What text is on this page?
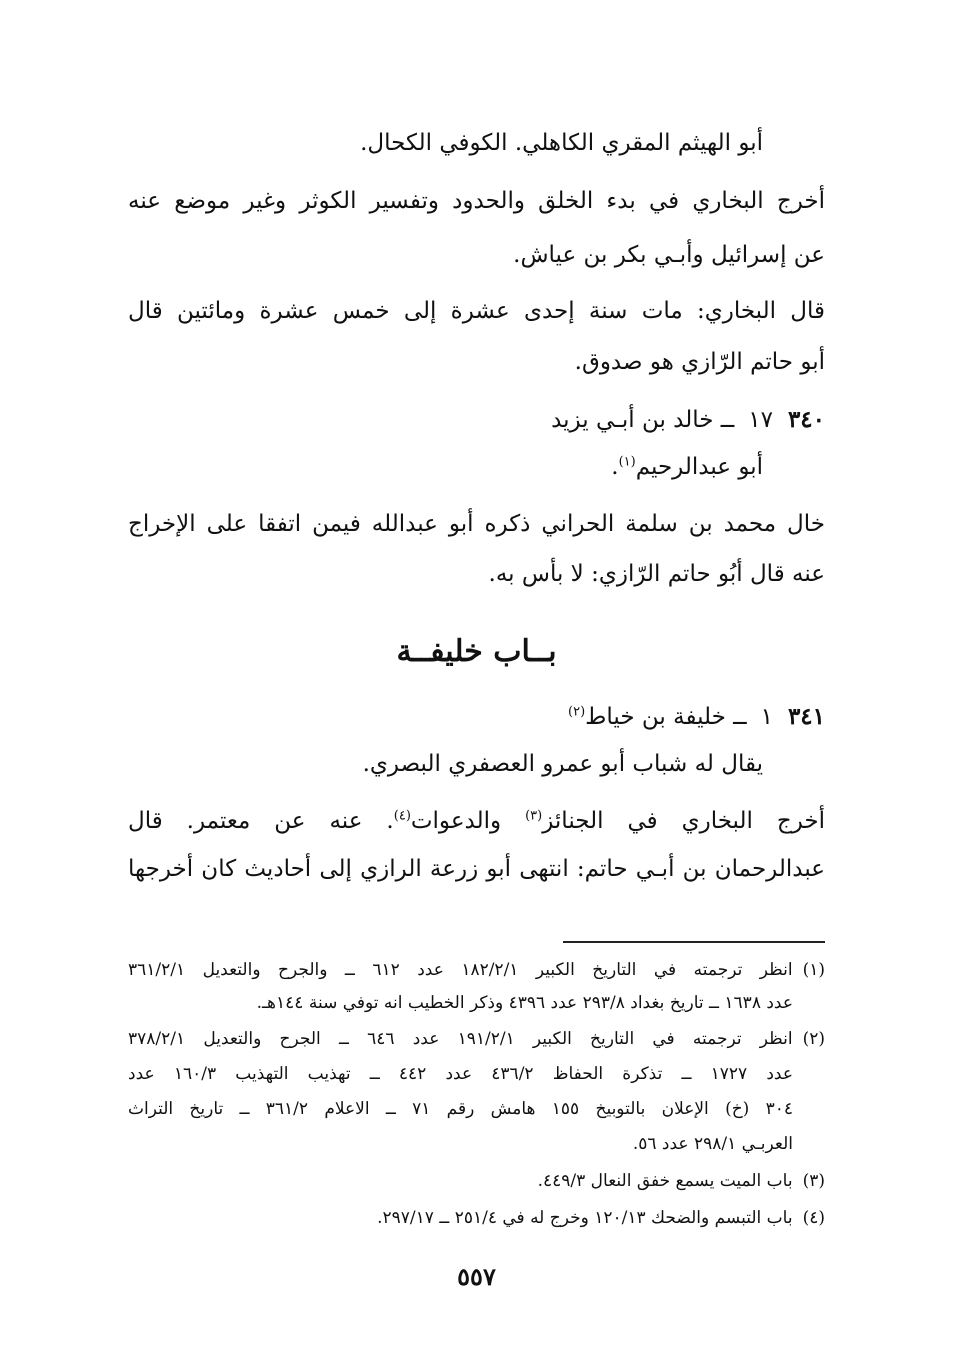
أبو الهيثم المقري الكاهلي. الكوفي الكحال.
أخرج البخاري في بدء الخلق والحدود وتفسير الكوثر وغير موضع عنه
عن إسرائيل وأبـي بكر بن عياش.
قال البخاري: مات سنة إحدى عشرة إلى خمس عشرة ومائتين قال
أبو حاتم الرّازي هو صدوق.
٣٤٠١٧ــ خالد بن أبـي يزيد
أبو عبدالرحيم$^{(١)}$.
خال محمد بن سلمة الحراني ذكره أبو عبدالله فيمن اتفقا على الإخراج
عنه قال أبُو حاتم الرّازي: لا بأس به.
بــاب خليفــة
٣٤١١ــ خليفة بن خياط$^{(٢)}$
يقال له شباب أبو عمرو العصفري البصري.
أخرج البخاري في الجنائز$^{(٣)}$ والدعوات$^{(٤)}$. عنه عن معتمر. قال
عبدالرحمان بن أبـي حاتم: انتهى أبو زرعة الرازي إلى أحاديث كان أخرجها
(١)انظر ترجمته في التاريخ الكبير ١٨٢/٢/١ عدد ٦١٢ ــ والجرح والتعديل ٣٦١/٢/١
عدد ١٦٣٨ ــ تاريخ بغداد ٢٩٣/٨ عدد ٤٣٩٦ وذكر الخطيب انه توفي سنة ١٤٤هـ.
(٢)انظر ترجمته في التاريخ الكبير ١٩١/٢/١ عدد ٦٤٦ ــ الجرح والتعديل ٣٧٨/٢/١
عدد ١٧٢٧ ــ تذكرة الحفاظ ٤٣٦/٢ عدد ٤٤٢ ــ تهذيب التهذيب ١٦٠/٣ عدد
٣٠٤ (خ) الإعلان بالتوبيخ ١٥٥ هامش رقم ٧١ ــ الاعلام ٣٦١/٢ ــ تاريخ التراث
العربـي ٢٩٨/١ عدد ٥٦.
(٣)باب الميت يسمع خفق النعال ٤٤٩/٣.
(٤)باب التبسم والضحك ١٢٠/١٣ وخرج له في ٢٥١/٤ ــ ٢٩٧/١٧.
٥٥٧
